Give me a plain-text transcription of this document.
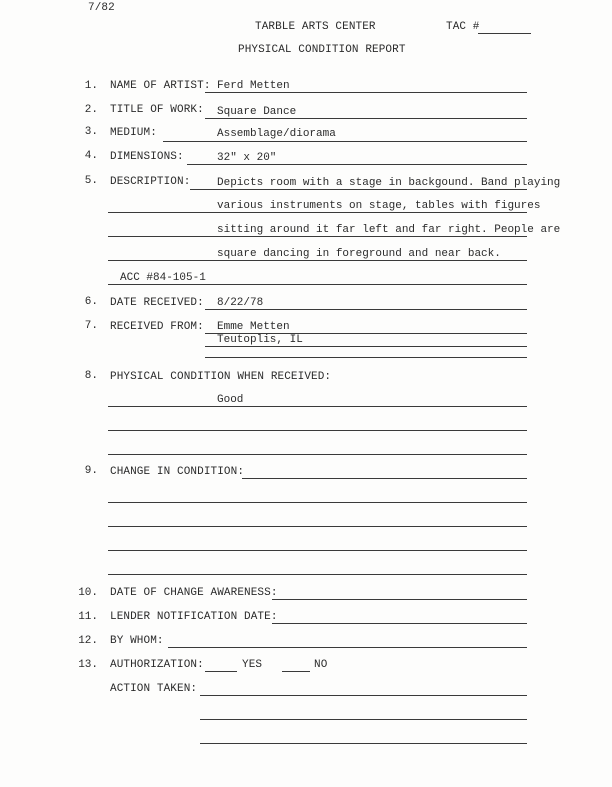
7/82
TARBLE ARTS CENTER	TAC #
PHYSICAL CONDITION REPORT
1. NAME OF ARTIST: Ferd Metten
2. TITLE OF WORK: Square Dance
3. MEDIUM:	Assemblage/diorama
4. DIMENSIONS:	32" x 20"
5. DESCRIPTION: Depicts room with a stage in backgound. Band playing
various instruments on stage, tables with figures
sitting around it far left and far right. People are
square dancing in foreground and near back.
ACC #84-105-1
6. DATE RECEIVED: 8/22/78
7. RECEIVED FROM: Emme Metten
Teutoplis, IL
8. PHYSICAL CONDITION WHEN RECEIVED:
Good
9. CHANGE IN CONDITION:
10. DATE OF CHANGE AWARENESS:
11. LENDER NOTIFICATION DATE:
12. BY WHOM:
13. AUTHORIZATION:	YES	NO
ACTION TAKEN:
